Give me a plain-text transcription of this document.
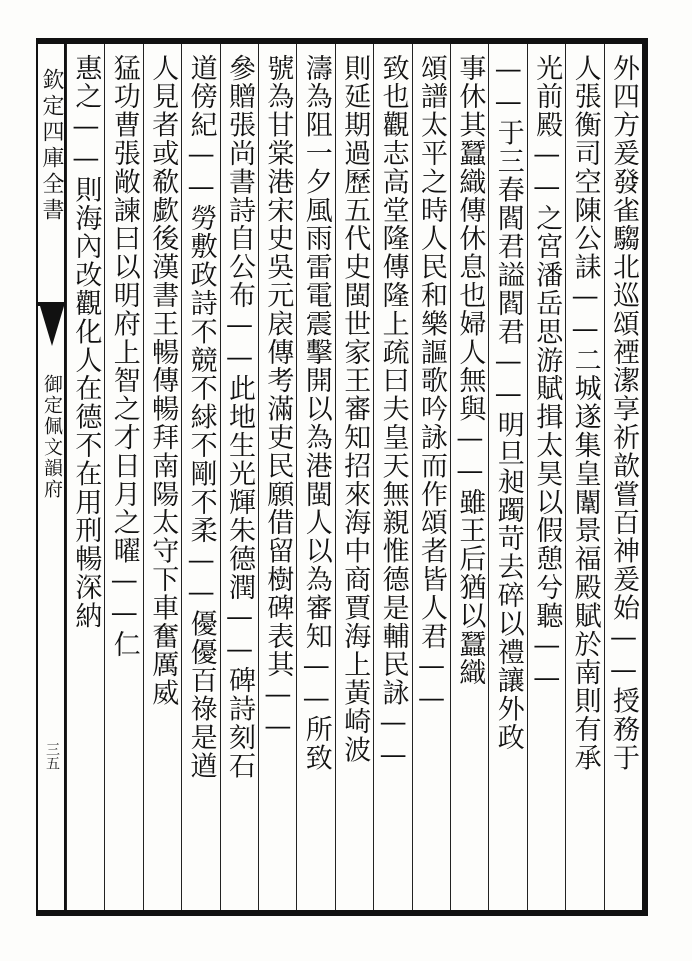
欽定四庫全書
御定佩文韻府
三五	外四方爰發雀騶北巡頌禋潔享祈歆嘗百神爰始——授務于
人張衡司空陳公誄——二城遂集皇闈景福殿賦於南則有承
光前殿——之宮潘岳思游賦揖太昊以假憩兮聽——
——于三春閻君謚閻君——明旦昶躅苛去碎以禮讓外政
事休其蠶織傳休息也婦人無與——雖王后猶以蠶織
頌譜太平之時人民和樂謳歌吟詠而作頌者皆人君——
致也觀志高堂隆傳隆上疏曰夫皇天無親惟德是輔民詠——
則延期過歷五代史閩世家王審知招來海中商賈海上黃崎波
濤為阻一夕風雨雷電震擊開以為港閩人以為審知——所致
號為甘棠港宋史吳元扆傳考滿吏民願借留樹碑表其——
參贈張尚書詩自公布——此地生光輝朱德潤——碑詩刻石
道傍紀——勞敷政詩不競不絿不剛不柔——優優百祿是遒
人見者或欷歔後漢書王暢傳暢拜南陽太守下車奮厲威
猛功曹張敞諫曰以明府上智之才日月之曜——仁
惠之——則海內改觀化人在德不在用刑暢深納
